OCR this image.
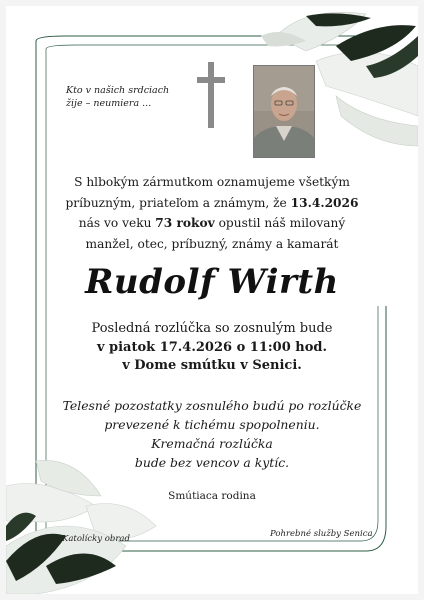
Kto v našich srdciach
žije – neumiera ...
S hlbokým zármutkom oznamujeme všetkým
príbuzným, priateľom a známym, že 13.4.2026
nás vo veku 73 rokov opustil náš milovaný
manžel, otec, príbuzný, známy a kamarát
Rudolf Wirth
Posledná rozlúčka so zosnulým bude
v piatok 17.4.2026 o 11:00 hod.
v Dome smútku v Senici.
Telesné pozostatky zosnulého budú po rozlúčke
prevezené k tichému spopolneniu.
Kremačná rozlúčka
bude bez vencov a kytíc.
Smútiaca rodina
Katolícky obrad	Pohrebné služby Senica
